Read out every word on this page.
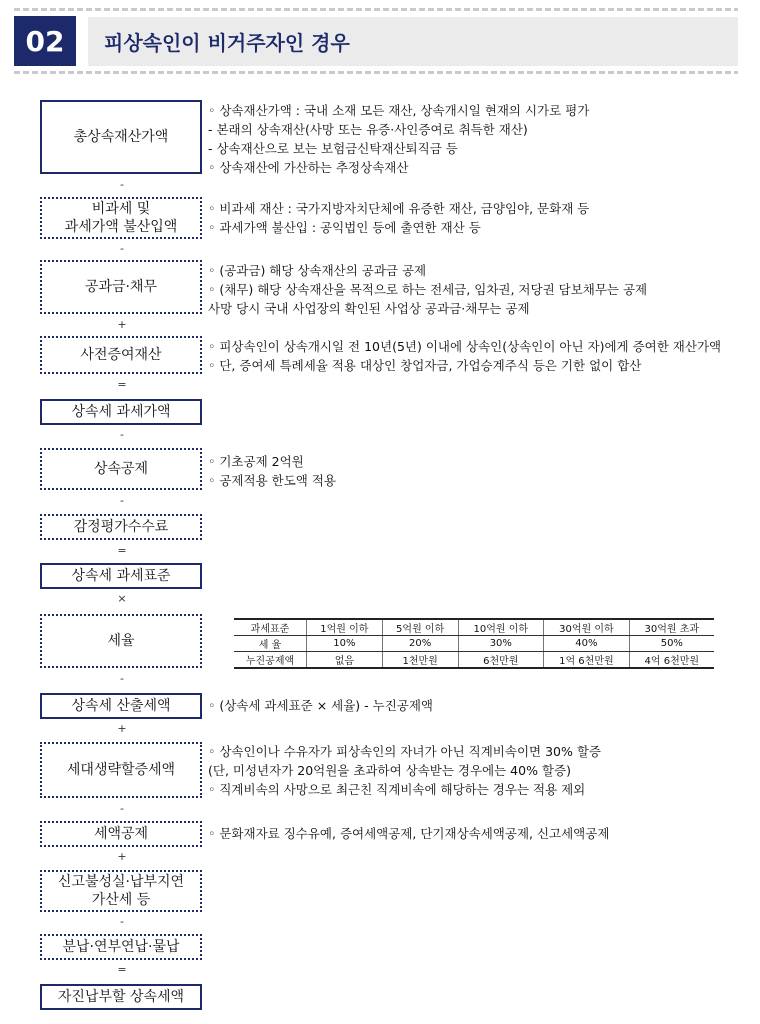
02	피상속인이 비거주자인 경우
총상속재산가액
◦ 상속재산가액 : 국내 소재 모든 재산, 상속개시일 현재의 시가로 평가
- 본래의 상속재산(사망 또는 유증·사인증여로 취득한 재산)
- 상속재산으로 보는 보험금신탁재산퇴직금 등
◦ 상속재산에 가산하는 추정상속재산
-
비과세 및
과세가액 불산입액
◦ 비과세 재산 : 국가지방자치단체에 유증한 재산, 금양임야, 문화재 등
◦ 과세가액 불산입 : 공익법인 등에 출연한 재산 등
-
공과금·채무
◦ (공과금) 해당 상속재산의 공과금 공제
◦ (채무) 해당 상속재산을 목적으로 하는 전세금, 임차권, 저당권 담보채무는 공제
사망 당시 국내 사업장의 확인된 사업상 공과금·채무는 공제
+
사전증여재산
◦ 피상속인이 상속개시일 전 10년(5년) 이내에 상속인(상속인이 아닌 자)에게 증여한 재산가액
◦ 단, 증여세 특례세율 적용 대상인 창업자금, 가업승계주식 등은 기한 없이 합산
=
상속세 과세가액
-
상속공제	◦ 기초공제 2억원
◦ 공제적용 한도액 적용
-
감정평가수수료
=
상속세 과세표준
×
세율
과세표준	1억원 이하	5억원 이하	10억원 이하	30억원 이하	30억원 초과
세 율	10%	20%	30%	40%	50%
누진공제액	없음	1천만원	6천만원	1억 6천만원	4억 6천만원
-
상속세 산출세액	◦ (상속세 과세표준 × 세율) - 누진공제액
+
세대생략할증세액
◦ 상속인이나 수유자가 피상속인의 자녀가 아닌 직계비속이면 30% 할증
(단, 미성년자가 20억원을 초과하여 상속받는 경우에는 40% 할증)
◦ 직계비속의 사망으로 최근친 직계비속에 해당하는 경우는 적용 제외
-
세액공제	◦ 문화재자료 징수유예, 증여세액공제, 단기재상속세액공제, 신고세액공제
+
신고불성실·납부지연
가산세 등
-
분납·연부연납·물납
=
자진납부할 상속세액
